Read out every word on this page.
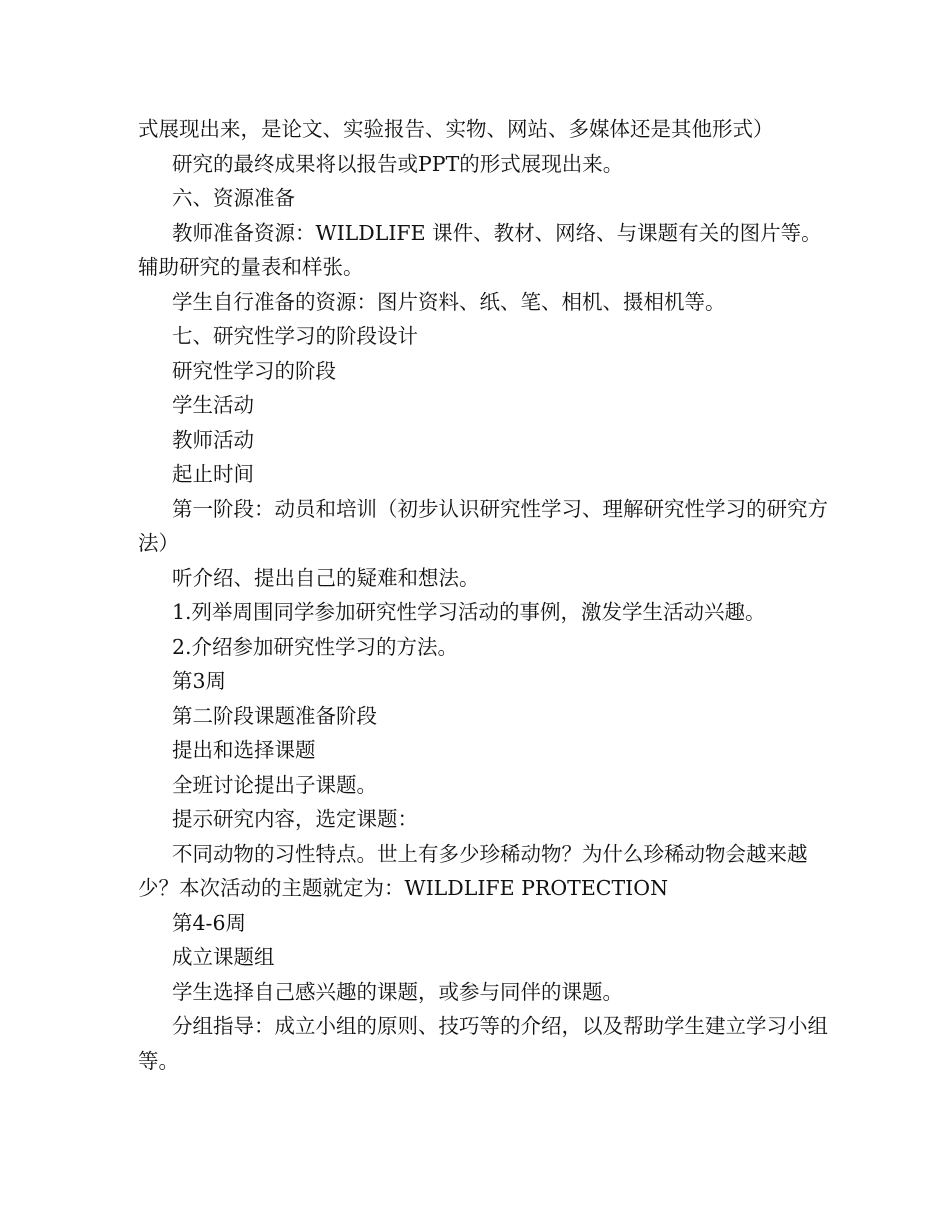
式展现出来，是论文、实验报告、实物、网站、多媒体还是其他形式）

研究的最终成果将以报告或PPT的形式展现出来。

六、资源准备

教师准备资源：WILDLIFE 课件、教材、网络、与课题有关的图片等。辅助研究的量表和样张。

学生自行准备的资源：图片资料、纸、笔、相机、摄相机等。

七、研究性学习的阶段设计

研究性学习的阶段

学生活动

教师活动

起止时间

第一阶段：动员和培训（初步认识研究性学习、理解研究性学习的研究方法）

听介绍、提出自己的疑难和想法。

1.列举周围同学参加研究性学习活动的事例，激发学生活动兴趣。

2.介绍参加研究性学习的方法。

第3周

第二阶段课题准备阶段

提出和选择课题

全班讨论提出子课题。

提示研究内容，选定课题：

不同动物的习性特点。世上有多少珍稀动物？为什么珍稀动物会越来越少？本次活动的主题就定为：WILDLIFE PROTECTION

第4-6周

成立课题组

学生选择自己感兴趣的课题，或参与同伴的课题。

分组指导：成立小组的原则、技巧等的介绍，以及帮助学生建立学习小组等。
